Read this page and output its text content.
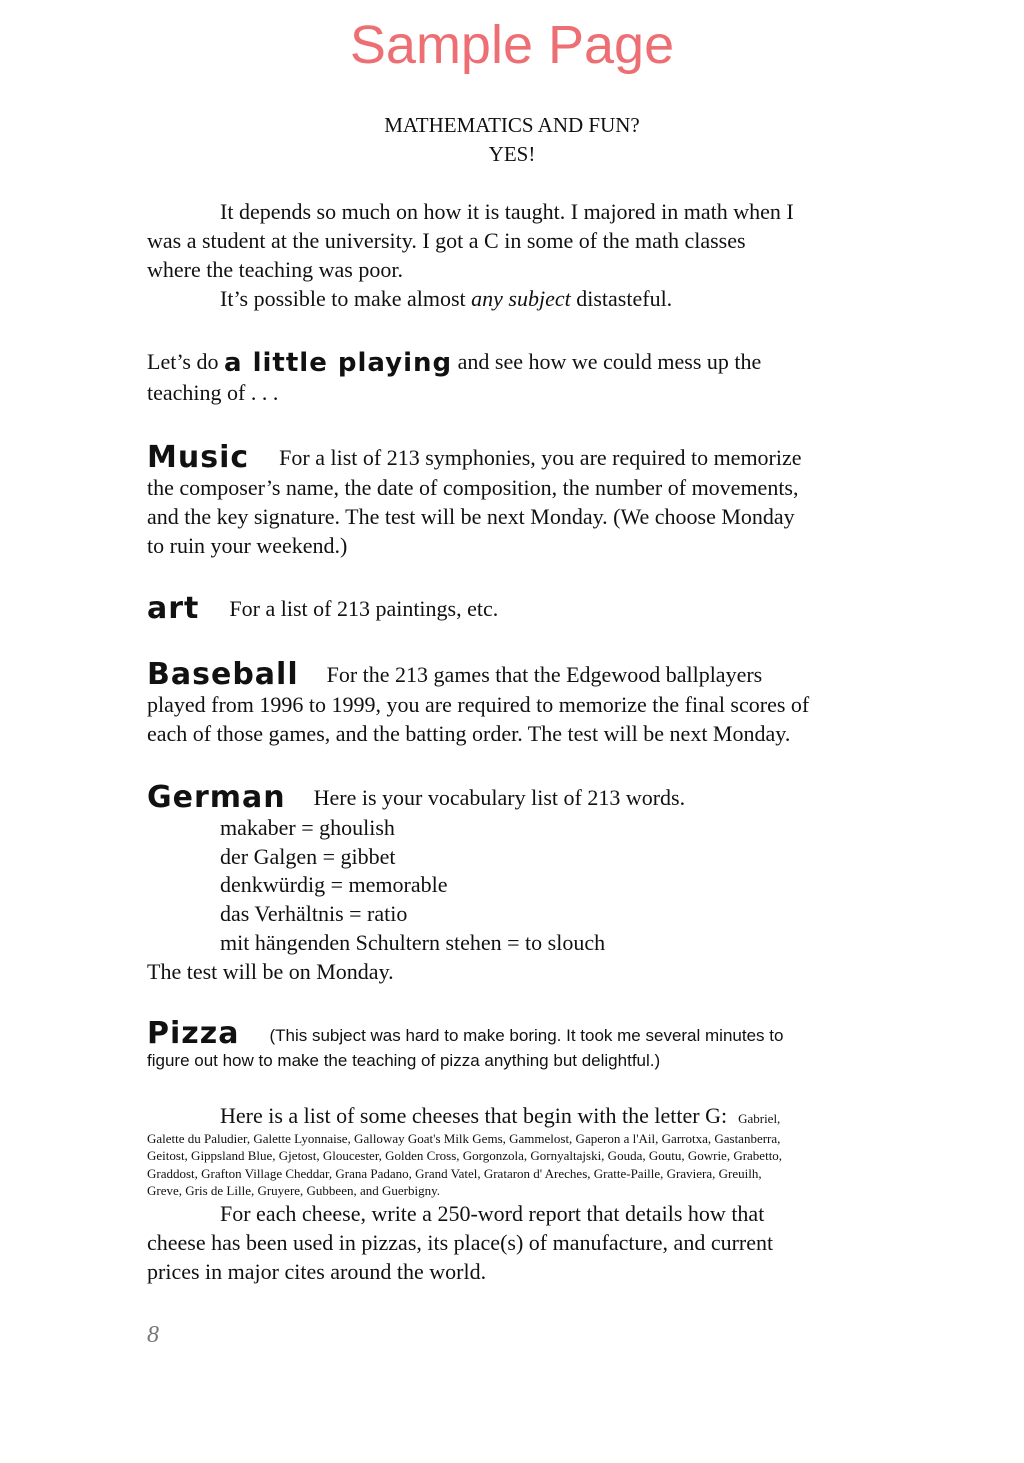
Sample Page
MATHEMATICS AND FUN?
YES!
It depends so much on how it is taught. I majored in math when I
was a student at the university. I got a C in some of the math classes
where the teaching was poor.
It’s possible to make almost any subject distasteful.
Let’s do a little playing and see how we could mess up the
teaching of . . .
Music For a list of 213 symphonies, you are required to memorize
the composer’s name, the date of composition, the number of movements,
and the key signature. The test will be next Monday. (We choose Monday
to ruin your weekend.)
art For a list of 213 paintings, etc.
Baseball For the 213 games that the Edgewood ballplayers
played from 1996 to 1999, you are required to memorize the final scores of
each of those games, and the batting order. The test will be next Monday.
German Here is your vocabulary list of 213 words.
makaber = ghoulish
der Galgen = gibbet
denkwürdig = memorable
das Verhältnis = ratio
mit hängenden Schultern stehen = to slouch
The test will be on Monday.
Pizza (This subject was hard to make boring. It took me several minutes to
figure out how to make the teaching of pizza anything but delightful.)
Here is a list of some cheeses that begin with the letter G: Gabriel,
Galette du Paludier, Galette Lyonnaise, Galloway Goat's Milk Gems, Gammelost, Gaperon a l'Ail, Garrotxa, Gastanberra,
Geitost, Gippsland Blue, Gjetost, Gloucester, Golden Cross, Gorgonzola, Gornyaltajski, Gouda, Goutu, Gowrie, Grabetto,
Graddost, Grafton Village Cheddar, Grana Padano, Grand Vatel, Grataron d' Areches, Gratte-Paille, Graviera, Greuilh,
Greve, Gris de Lille, Gruyere, Gubbeen, and Guerbigny.
For each cheese, write a 250-word report that details how that
cheese has been used in pizzas, its place(s) of manufacture, and current
prices in major cites around the world.
8
